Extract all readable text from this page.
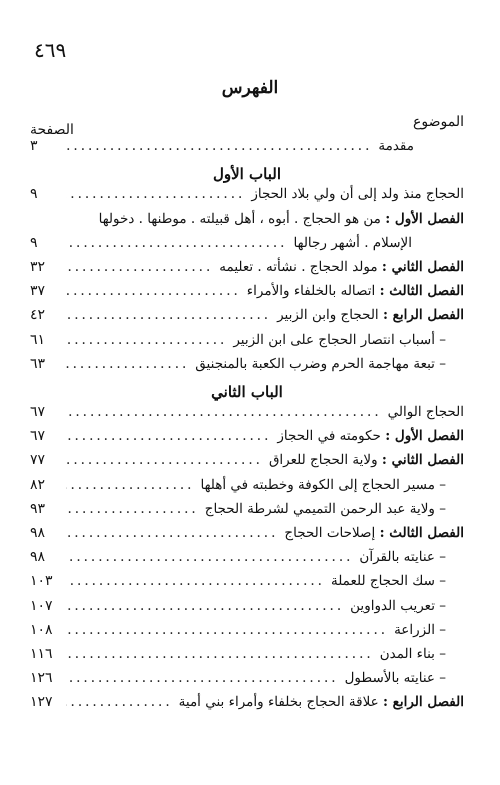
٤٦٩
الفهرس
الموضوع
الصفحة
مقدمة
.....
٣
الباب الأول
الحجاج منذ ولد إلى أن ولي بلاد الحجاز
.....
٩
الفصل الأول : من هو الحجاج . أبوه ، أهل قبيلته . موطنها . دخولها
الإسلام . أشهر رجالها
.....
٩
الفصل الثاني : مولد الحجاج . نشأته . تعليمه
.....
٣٢
الفصل الثالث : اتصاله بالخلفاء والأمراء
.....
٣٧
الفصل الرابع : الحجاج وابن الزبير
.....
٤٢
– أسباب انتصار الحجاج على ابن الزبير
.....
٦١
– تبعة مهاجمة الحرم وضرب الكعبة بالمنجنيق
.....
٦٣
الباب الثاني
الحجاج الوالي
.....
٦٧
الفصل الأول : حكومته في الحجاز
.....
٦٧
الفصل الثاني : ولاية الحجاج للعراق
.....
٧٧
– مسير الحجاج إلى الكوفة وخطبته في أهلها
.....
٨٢
– ولاية عبد الرحمن التميمي لشرطة الحجاج
.....
٩٣
الفصل الثالث : إصلاحات الحجاج
.....
٩٨
– عنايته بالقرآن
.....
٩٨
– سك الحجاج للعملة
.....
١٠٣
– تعريب الدواوين
.....
١٠٧
– الزراعة
.....
١٠٨
– بناء المدن
.....
١١٦
– عنايته بالأسطول
.....
١٢٦
الفصل الرابع : علاقة الحجاج بخلفاء وأمراء بني أمية
.....
١٢٧
